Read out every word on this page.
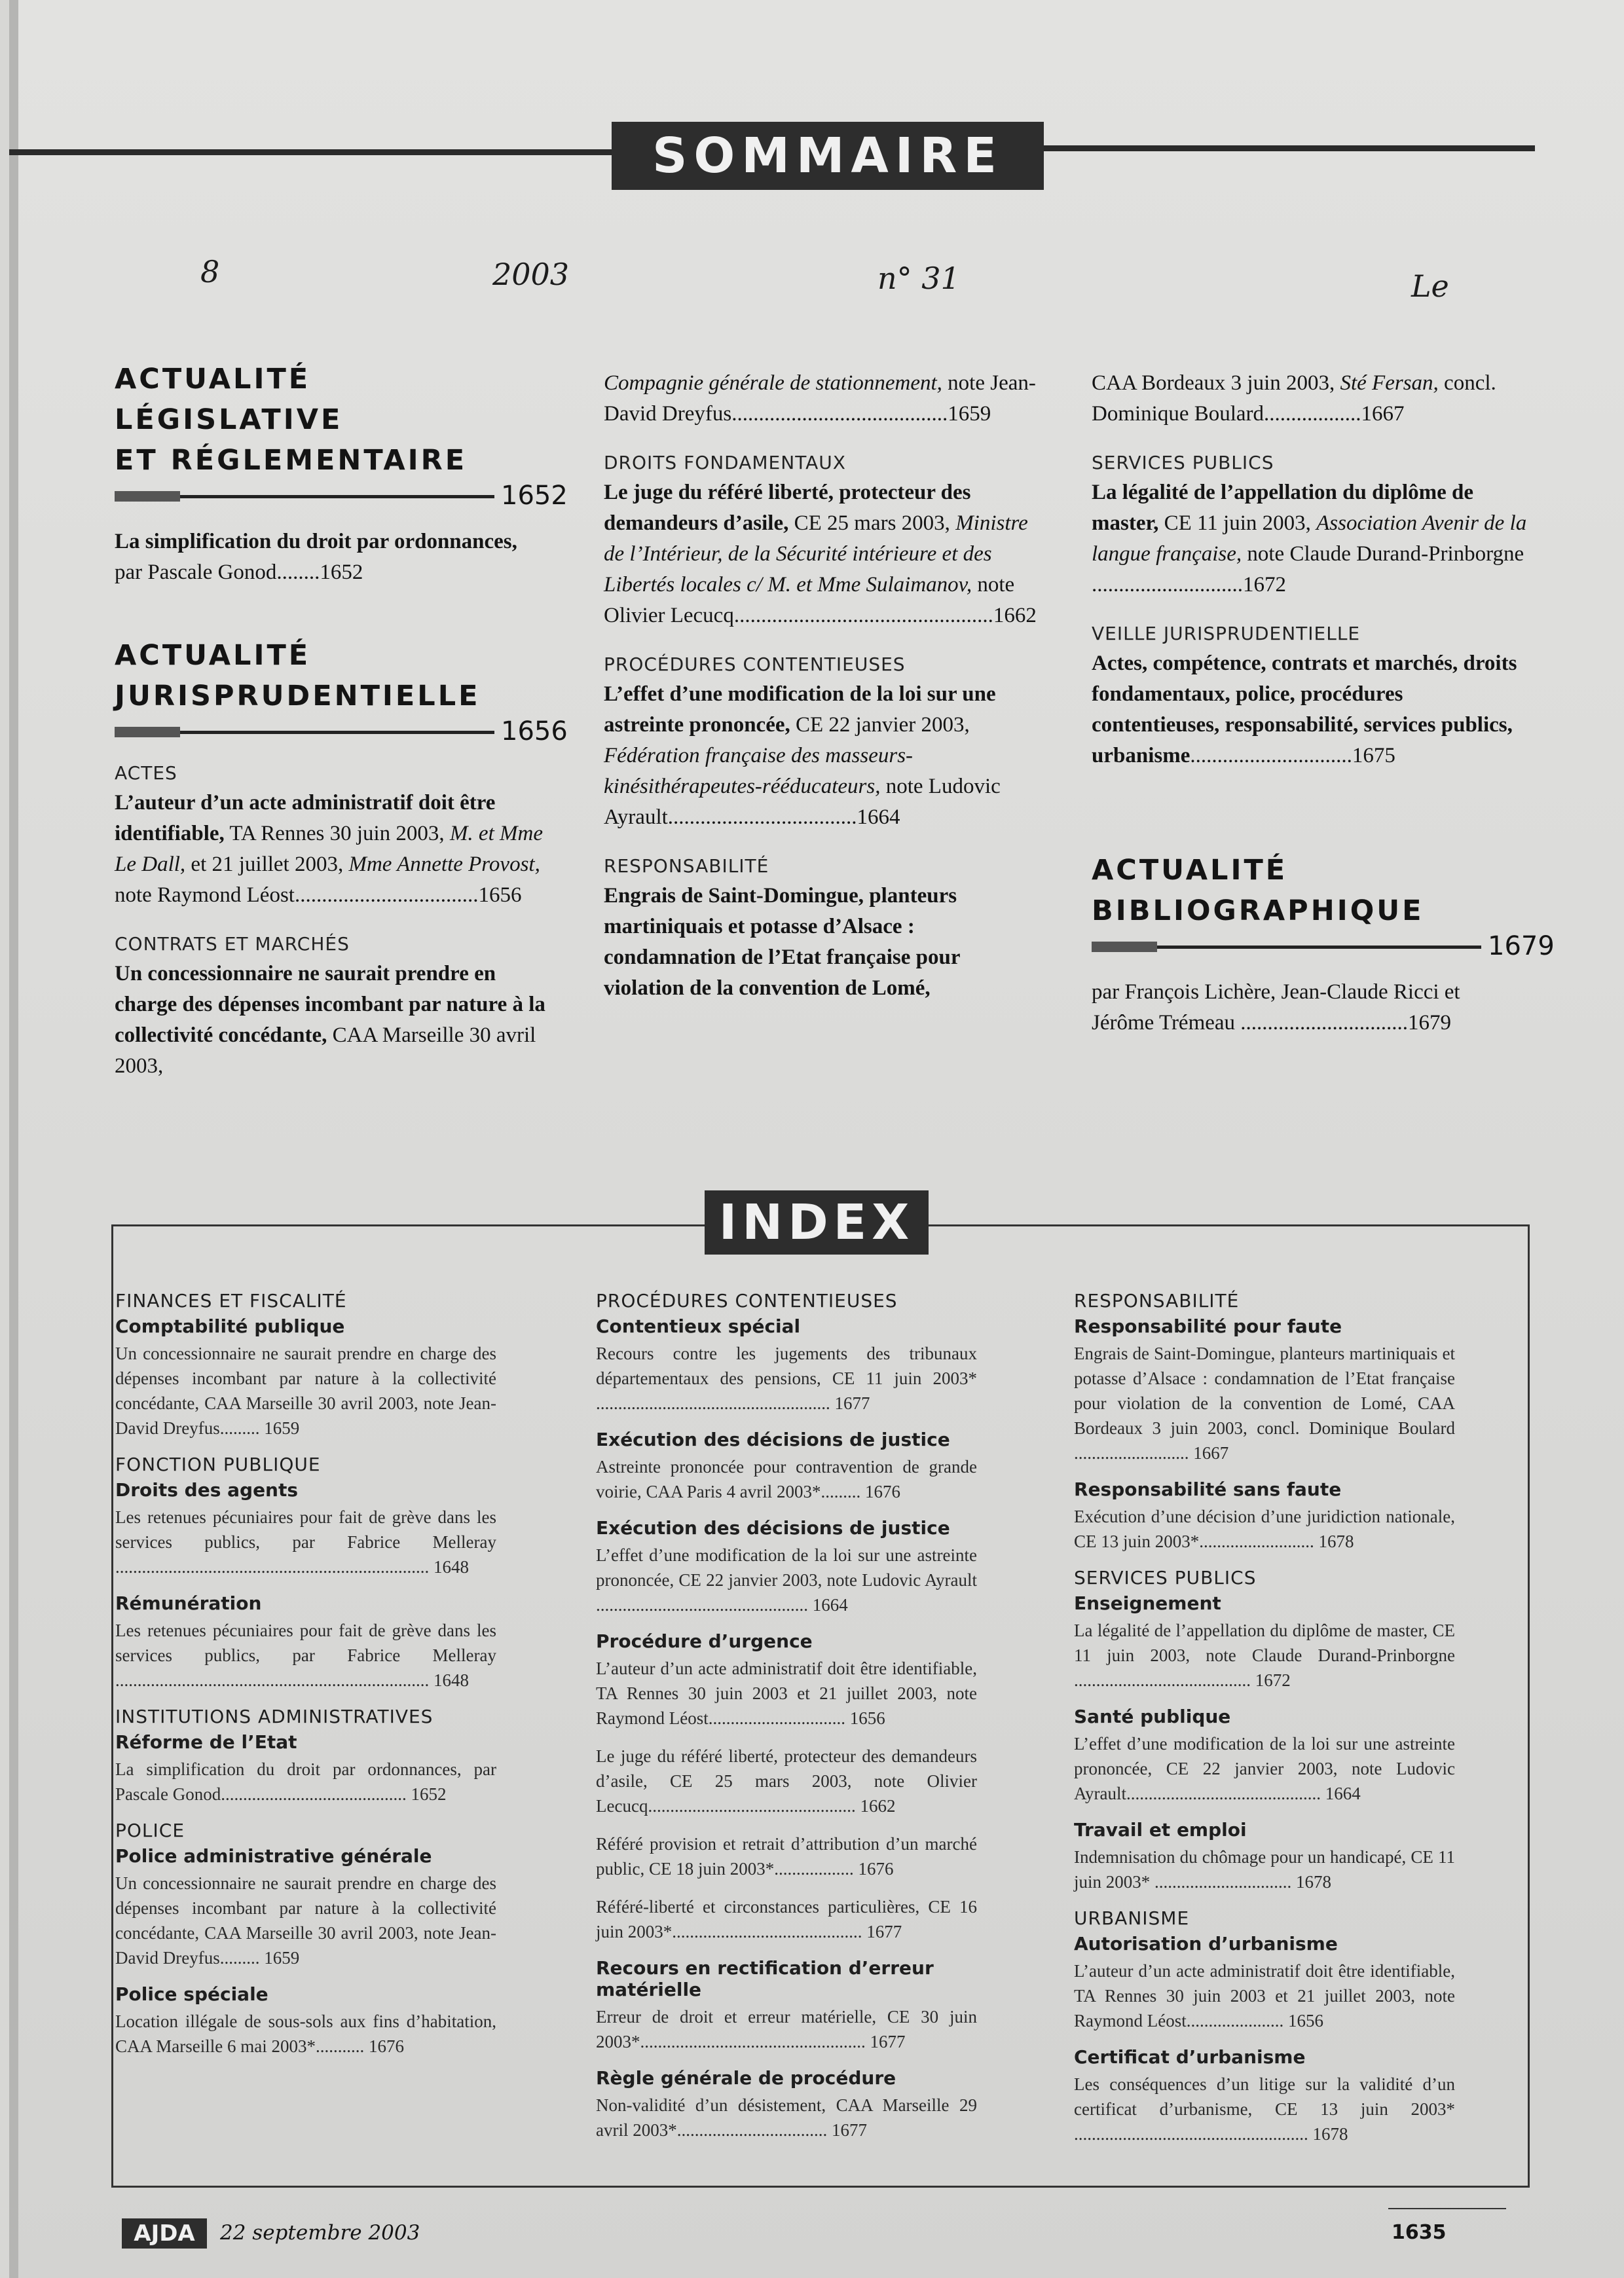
SOMMAIRE
8	2003	n° 31	Le
ACTUALITÉ LÉGISLATIVE
ET RÉGLEMENTAIRE
1652

La simplification du droit par ordonnances, par Pascale Gonod........1652

ACTUALITÉ
JURISPRUDENTIELLE
1656
ACTES

L’auteur d’un acte administratif doit être identifiable, TA Rennes 30 juin 2003, M. et Mme Le Dall, et 21 juillet 2003, Mme Annette Provost, note Raymond Léost..................................1656

CONTRATS ET MARCHÉS

Un concessionnaire ne saurait prendre en charge des dépenses incombant par nature à la collectivité concédante, CAA Marseille 30 avril 2003,

Compagnie générale de stationnement, note Jean-David Dreyfus........................................1659

DROITS FONDAMENTAUX

Le juge du référé liberté, protecteur des demandeurs d’asile, CE 25 mars 2003, Ministre de l’Intérieur, de la Sécurité intérieure et des Libertés locales c/ M. et Mme Sulaimanov, note Olivier Lecucq................................................1662

PROCÉDURES CONTENTIEUSES

L’effet d’une modification de la loi sur une astreinte prononcée, CE 22 janvier 2003, Fédération française des masseurs-kinésithérapeutes-rééducateurs, note Ludovic Ayrault...................................1664

RESPONSABILITÉ

Engrais de Saint-Domingue, planteurs martiniquais et potasse d’Alsace : condamnation de l’Etat française pour violation de la convention de Lomé,

CAA Bordeaux 3 juin 2003, Sté Fersan, concl. Dominique Boulard..................1667

SERVICES PUBLICS

La légalité de l’appellation du diplôme de master, CE 11 juin 2003, Association Avenir de la langue française, note Claude Durand-Prinborgne ............................1672

VEILLE JURISPRUDENTIELLE

Actes, compétence, contrats et marchés, droits fondamentaux, police, procédures contentieuses, responsabilité, services publics, urbanisme..............................1675

ACTUALITÉ
BIBLIOGRAPHIQUE
1679

par François Lichère, Jean-Claude Ricci et Jérôme Trémeau ...............................1679

INDEX
FINANCES ET FISCALITÉ
Comptabilité publique

Un concessionnaire ne saurait prendre en charge des dépenses incombant par nature à la collectivité concédante, CAA Marseille 30 avril 2003, note Jean-David Dreyfus......... 1659

FONCTION PUBLIQUE
Droits des agents

Les retenues pécuniaires pour fait de grève dans les services publics, par Fabrice Melleray ....................................................................... 1648

Rémunération

Les retenues pécuniaires pour fait de grève dans les services publics, par Fabrice Melleray ....................................................................... 1648

INSTITUTIONS ADMINISTRATIVES
Réforme de l’Etat

La simplification du droit par ordonnances, par Pascale Gonod.......................................... 1652

POLICE
Police administrative générale

Un concessionnaire ne saurait prendre en charge des dépenses incombant par nature à la collectivité concédante, CAA Marseille 30 avril 2003, note Jean-David Dreyfus......... 1659

Police spéciale

Location illégale de sous-sols aux fins d’habitation, CAA Marseille 6 mai 2003*........... 1676

PROCÉDURES CONTENTIEUSES
Contentieux spécial

Recours contre les jugements des tribunaux départementaux des pensions, CE 11 juin 2003* ..................................................... 1677

Exécution des décisions de justice

Astreinte prononcée pour contravention de grande voirie, CAA Paris 4 avril 2003*......... 1676

Exécution des décisions de justice

L’effet d’une modification de la loi sur une astreinte prononcée, CE 22 janvier 2003, note Ludovic Ayrault ................................................ 1664

Procédure d’urgence

L’auteur d’un acte administratif doit être identifiable, TA Rennes 30 juin 2003 et 21 juillet 2003, note Raymond Léost............................... 1656

Le juge du référé liberté, protecteur des demandeurs d’asile, CE 25 mars 2003, note Olivier Lecucq............................................... 1662

Référé provision et retrait d’attribution d’un marché public, CE 18 juin 2003*.................. 1676

Référé-liberté et circonstances particulières, CE 16 juin 2003*........................................... 1677

Recours en rectification d’erreur matérielle

Erreur de droit et erreur matérielle, CE 30 juin 2003*................................................... 1677

Règle générale de procédure

Non-validité d’un désistement, CAA Marseille 29 avril 2003*.................................. 1677

RESPONSABILITÉ
Responsabilité pour faute

Engrais de Saint-Domingue, planteurs martiniquais et potasse d’Alsace : condamnation de l’Etat française pour violation de la convention de Lomé, CAA Bordeaux 3 juin 2003, concl. Dominique Boulard .......................... 1667

Responsabilité sans faute

Exécution d’une décision d’une juridiction nationale, CE 13 juin 2003*.......................... 1678

SERVICES PUBLICS
Enseignement

La légalité de l’appellation du diplôme de master, CE 11 juin 2003, note Claude Durand-Prinborgne ........................................ 1672

Santé publique

L’effet d’une modification de la loi sur une astreinte prononcée, CE 22 janvier 2003, note Ludovic Ayrault............................................ 1664

Travail et emploi

Indemnisation du chômage pour un handicapé, CE 11 juin 2003* ............................... 1678

URBANISME
Autorisation d’urbanisme

L’auteur d’un acte administratif doit être identifiable, TA Rennes 30 juin 2003 et 21 juillet 2003, note Raymond Léost...................... 1656

Certificat d’urbanisme

Les conséquences d’un litige sur la validité d’un certificat d’urbanisme, CE 13 juin 2003* ..................................................... 1678

AJDA	22 septembre 2003	1635
